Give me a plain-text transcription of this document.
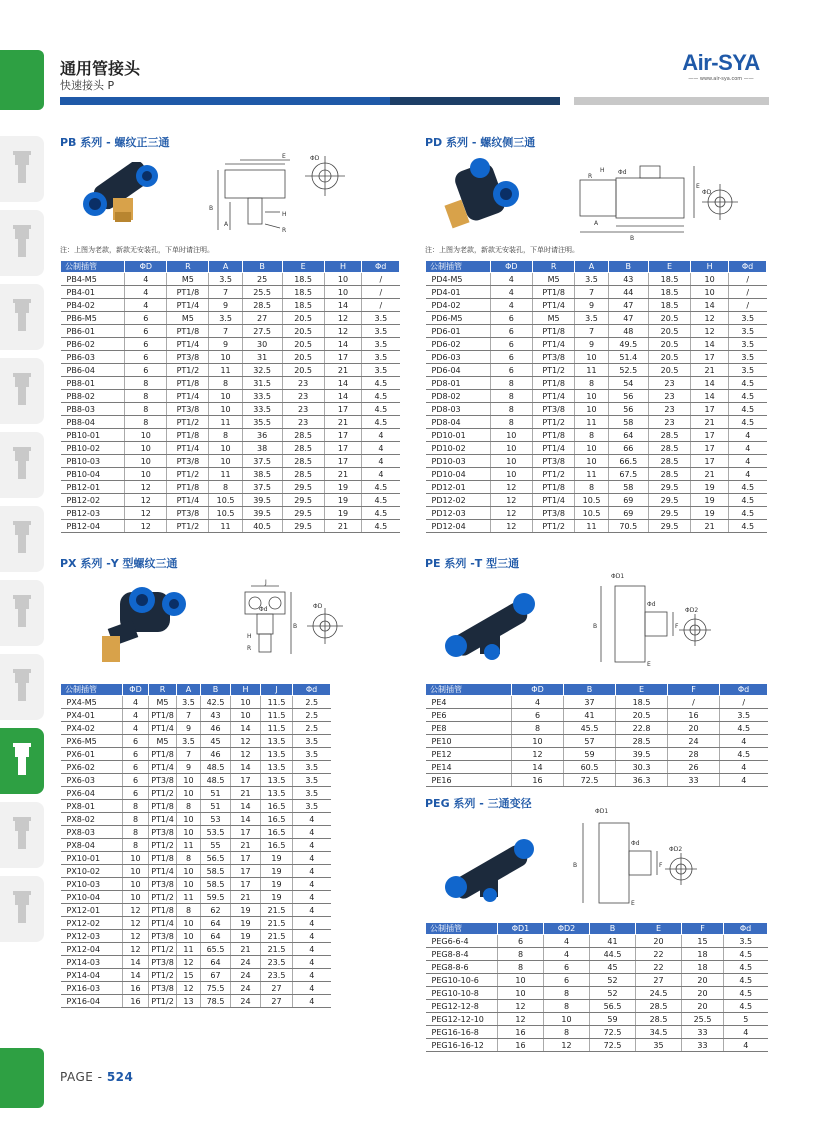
通用管接头
快速接头 P
Air-SYA
—— www.air-sya.com ——
PB 系列 - 螺纹正三通
E	ΦD
B
A
H
R
注：上图为老款，新款无安装孔，下单时请注明。
公制插管	ΦD	R	A	B	E	H	Φd
PB4-M5	4	M5	3.5	25	18.5	10	/
PB4-01	4	PT1/8	7	25.5	18.5	10	/
PB4-02	4	PT1/4	9	28.5	18.5	14	/
PB6-M5	6	M5	3.5	27	20.5	12	3.5
PB6-01	6	PT1/8	7	27.5	20.5	12	3.5
PB6-02	6	PT1/4	9	30	20.5	14	3.5
PB6-03	6	PT3/8	10	31	20.5	17	3.5
PB6-04	6	PT1/2	11	32.5	20.5	21	3.5
PB8-01	8	PT1/8	8	31.5	23	14	4.5
PB8-02	8	PT1/4	10	33.5	23	14	4.5
PB8-03	8	PT3/8	10	33.5	23	17	4.5
PB8-04	8	PT1/2	11	35.5	23	21	4.5
PB10-01	10	PT1/8	8	36	28.5	17	4
PB10-02	10	PT1/4	10	38	28.5	17	4
PB10-03	10	PT3/8	10	37.5	28.5	17	4
PB10-04	10	PT1/2	11	38.5	28.5	21	4
PB12-01	12	PT1/8	8	37.5	29.5	19	4.5
PB12-02	12	PT1/4	10.5	39.5	29.5	19	4.5
PB12-03	12	PT3/8	10.5	39.5	29.5	19	4.5
PB12-04	12	PT1/2	11	40.5	29.5	21	4.5
PD 系列 - 螺纹侧三通
R
H Φd
E
ΦD
A
B
注：上图为老款，新款无安装孔，下单时请注明。
公制插管	ΦD	R	A	B	E	H	Φd
PD4-M5	4	M5	3.5	43	18.5	10	/
PD4-01	4	PT1/8	7	44	18.5	10	/
PD4-02	4	PT1/4	9	47	18.5	14	/
PD6-M5	6	M5	3.5	47	20.5	12	3.5
PD6-01	6	PT1/8	7	48	20.5	12	3.5
PD6-02	6	PT1/4	9	49.5	20.5	14	3.5
PD6-03	6	PT3/8	10	51.4	20.5	17	3.5
PD6-04	6	PT1/2	11	52.5	20.5	21	3.5
PD8-01	8	PT1/8	8	54	23	14	4.5
PD8-02	8	PT1/4	10	56	23	14	4.5
PD8-03	8	PT3/8	10	56	23	17	4.5
PD8-04	8	PT1/2	11	58	23	21	4.5
PD10-01	10	PT1/8	8	64	28.5	17	4
PD10-02	10	PT1/4	10	66	28.5	17	4
PD10-03	10	PT3/8	10	66.5	28.5	17	4
PD10-04	10	PT1/2	11	67.5	28.5	21	4
PD12-01	12	PT1/8	8	58	29.5	19	4.5
PD12-02	12	PT1/4	10.5	69	29.5	19	4.5
PD12-03	12	PT3/8	10.5	69	29.5	19	4.5
PD12-04	12	PT1/2	11	70.5	29.5	21	4.5
PX 系列 -Y 型螺纹三通
J
Φd
H
R
B
ΦD
公制插管	ΦD	R	A	B	H	J	Φd
PX4-M5	4	M5	3.5	42.5	10	11.5	2.5
PX4-01	4	PT1/8	7	43	10	11.5	2.5
PX4-02	4	PT1/4	9	46	14	11.5	2.5
PX6-M5	6	M5	3.5	45	12	13.5	3.5
PX6-01	6	PT1/8	7	46	12	13.5	3.5
PX6-02	6	PT1/4	9	48.5	14	13.5	3.5
PX6-03	6	PT3/8	10	48.5	17	13.5	3.5
PX6-04	6	PT1/2	10	51	21	13.5	3.5
PX8-01	8	PT1/8	8	51	14	16.5	3.5
PX8-02	8	PT1/4	10	53	14	16.5	4
PX8-03	8	PT3/8	10	53.5	17	16.5	4
PX8-04	8	PT1/2	11	55	21	16.5	4
PX10-01	10	PT1/8	8	56.5	17	19	4
PX10-02	10	PT1/4	10	58.5	17	19	4
PX10-03	10	PT3/8	10	58.5	17	19	4
PX10-04	10	PT1/2	11	59.5	21	19	4
PX12-01	12	PT1/8	8	62	19	21.5	4
PX12-02	12	PT1/4	10	64	19	21.5	4
PX12-03	12	PT3/8	10	64	19	21.5	4
PX12-04	12	PT1/2	11	65.5	21	21.5	4
PX14-03	14	PT3/8	12	64	24	23.5	4
PX14-04	14	PT1/2	15	67	24	23.5	4
PX16-03	16	PT3/8	12	75.5	24	27	4
PX16-04	16	PT1/2	13	78.5	24	27	4
PE 系列 -T 型三通
ΦD1
Φd
B	F
ΦD2
E
公制插管	ΦD	B	E	F	Φd
PE4	4	37	18.5	/	/
PE6	6	41	20.5	16	3.5
PE8	8	45.5	22.8	20	4.5
PE10	10	57	28.5	24	4
PE12	12	59	39.5	28	4.5
PE14	14	60.5	30.3	26	4
PE16	16	72.5	36.3	33	4
PEG 系列 - 三通变径
ΦD1
Φd
B	F
ΦD2
E
公制插管	ΦD1	ΦD2	B	E	F	Φd
PEG6-6-4	6	4	41	20	15	3.5
PEG8-8-4	8	4	44.5	22	18	4.5
PEG8-8-6	8	6	45	22	18	4.5
PEG10-10-6	10	6	52	27	20	4.5
PEG10-10-8	10	8	52	24.5	20	4.5
PEG12-12-8	12	8	56.5	28.5	20	4.5
PEG12-12-10	12	10	59	28.5	25.5	5
PEG16-16-8	16	8	72.5	34.5	33	4
PEG16-16-12	16	12	72.5	35	33	4
PAGE - 524
